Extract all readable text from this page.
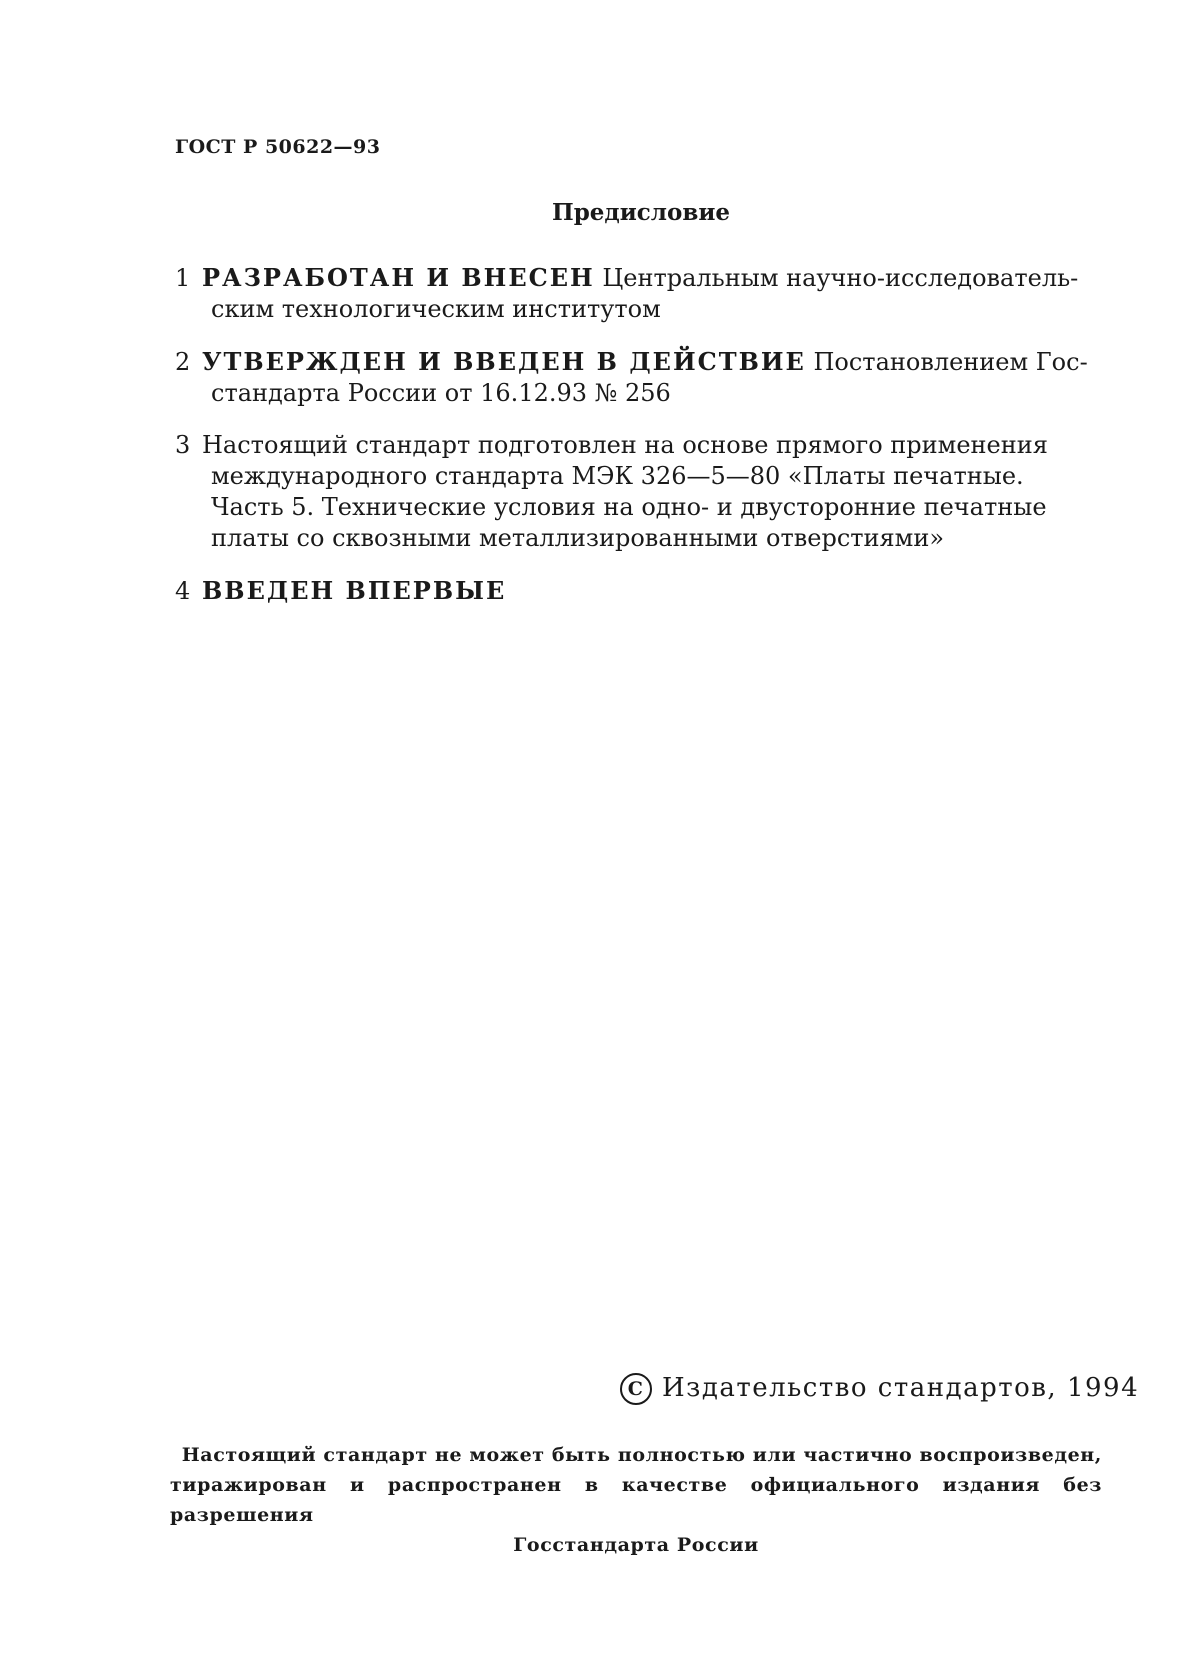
ГОСТ Р 50622—93
Предисловие
1 РАЗРАБОТАН И ВНЕСЕН Центральным научно-исследователь-
ским технологическим институтом
2 УТВЕРЖДЕН И ВВЕДЕН В ДЕЙСТВИЕ Постановлением Гос-
стандарта России от 16.12.93 № 256
3 Настоящий стандарт подготовлен на основе прямого применения
международного стандарта МЭК 326—5—80 «Платы печатные.
Часть 5. Технические условия на одно- и двусторонние печатные
платы со сквозными металлизированными отверстиями»
4 ВВЕДЕН ВПЕРВЫЕ
C Издательство стандартов, 1994
Настоящий стандарт не может быть полностью или частично воспроизведен,
тиражирован и распространен в качестве официального издания без разрешения
Госстандарта России
